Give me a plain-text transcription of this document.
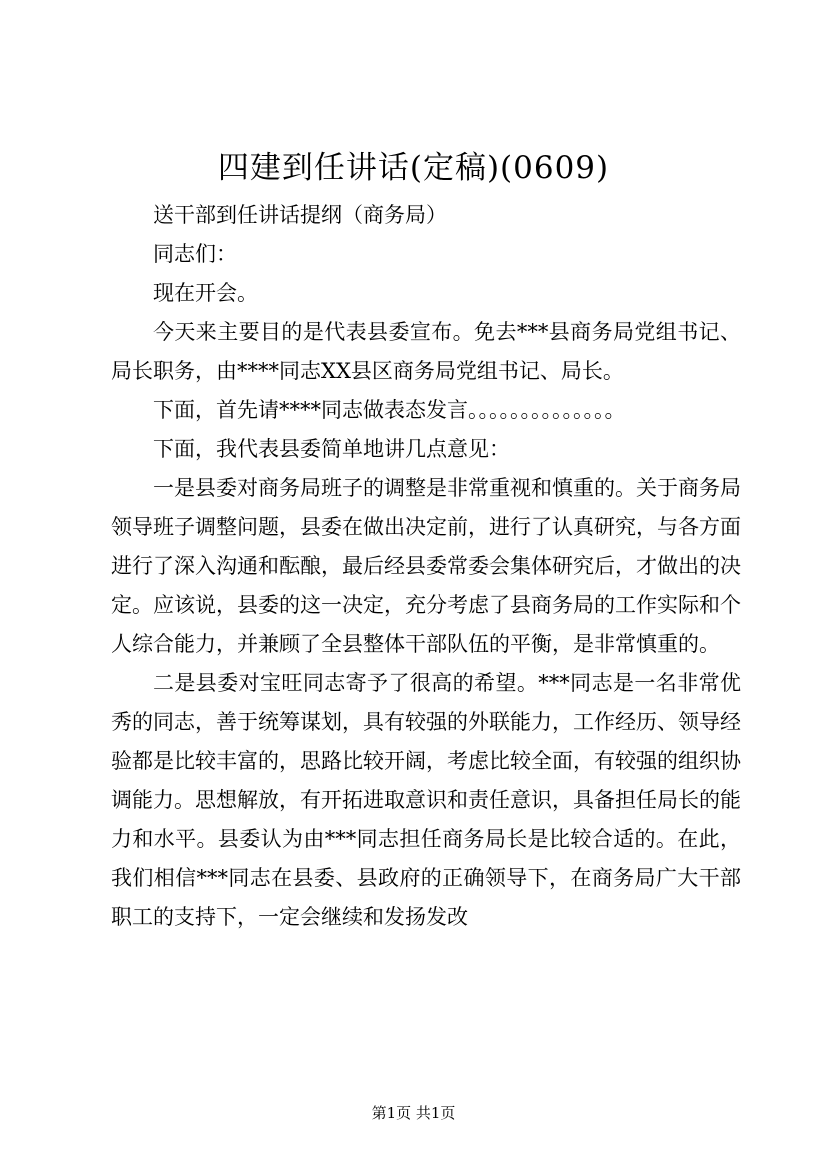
四建到任讲话(定稿)(0609)

送干部到任讲话提纲（商务局）

同志们：

现在开会。

今天来主要目的是代表县委宣布。免去***县商务局党组书记、局长职务，由****同志XX县区商务局党组书记、局长。

下面，首先请****同志做表态发言。。。。。。。。。。。。。。

下面，我代表县委简单地讲几点意见：

一是县委对商务局班子的调整是非常重视和慎重的。关于商务局领导班子调整问题，县委在做出决定前，进行了认真研究，与各方面进行了深入沟通和酝酿，最后经县委常委会集体研究后，才做出的决定。应该说，县委的这一决定，充分考虑了县商务局的工作实际和个人综合能力，并兼顾了全县整体干部队伍的平衡，是非常慎重的。

二是县委对宝旺同志寄予了很高的希望。***同志是一名非常优秀的同志，善于统筹谋划，具有较强的外联能力，工作经历、领导经验都是比较丰富的，思路比较开阔，考虑比较全面，有较强的组织协调能力。思想解放，有开拓进取意识和责任意识，具备担任局长的能力和水平。县委认为由***同志担任商务局长是比较合适的。在此，我们相信***同志在县委、县政府的正确领导下，在商务局广大干部职工的支持下，一定会继续和发扬发改

第1页 共1页
